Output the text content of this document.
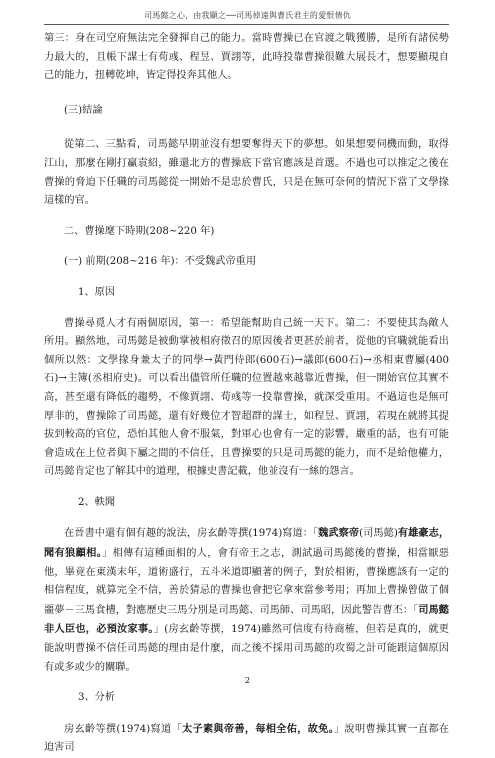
司馬懿之心，由我顯之──司馬倬遠與曹氏君主的愛恨情仇

第三：身在司空府無法完全發揮自己的能力。當時曹操已在官渡之戰獲勝，是所有諸侯勢力最大的，且帳下謀士有荀彧、程昱、賈詡等，此時投靠曹操很難大展長才，想要顯現自己的能力，扭轉乾坤，皆定得投奔其他人。

(三)結論

從第二、三點看，司馬懿早期並沒有想要奪得天下的夢想。如果想要伺機而動，取得江山，那麼在剛打贏袁紹，雖還北方的曹操底下當官應該是首選。不過也可以推定之後在曹操的脅迫下任職的司馬懿從一開始不是忠於曹氏，只是在無可奈何的情況下當了文學掾這樣的官。

二、曹操麾下時期(208~220 年)

(一) 前期(208~216 年)：不受魏武帝重用

1、原因

曹操尋覓人才有兩個原因，第一：希望能幫助自己統一天下。第二：不要使其為敵人所用。顯然地，司馬懿是被動掌被相府徵召的原因後者更甚於前者，從他的官職就能看出個所以然：文學掾身兼太子的同學→黃門侍郎(600石)→議郎(600石)→丞相東曹屬(400石)→主簿(丞相府史)。可以看出儘管所任職的位置越來越靠近曹操，但一開始官位其實不高，甚至還有降低的趨勢，不像賈詡、荀彧等一投靠曹操，就深受重用。不過這也是無可厚非的，曹操除了司馬懿，還有好幾位才智超群的謀士，如程昱、賈詡，若現在就將其提拔到較高的官位，恐怕其他人會不服氣，對軍心也會有一定的影響，嚴重的話，也有可能會造成在上位者與下屬之間的不信任，且曹操要的只是司馬懿的能力，而不是給他權力，司馬懿肯定也了解其中的道理，根據史書記載，他並沒有一絲的怨言。

2、軼聞

在晉書中還有個有趣的說法，房玄齡等撰(1974)寫道：「魏武察帝(司馬懿)有雄豪志，聞有狼顧相。」相傳有這種面相的人，會有帝王之志，測試過司馬懿後的曹操，相當厭惡他，畢竟在東漢末年，道術盛行，五斗米道即顯著的例子，對於相術，曹操應該有一定的相信程度，就算完全不信，善於猜忌的曹操也會把它拿來當參考用；再加上曹操曾做了個噩夢－三馬食槽，對應歷史三馬分別是司馬懿、司馬師、司馬昭，因此警告曹丕：「司馬懿非人臣也，必預汝家事。」(房玄齡等撰，1974)雖然可信度有待商榷，但若是真的，就更能說明曹操不信任司馬懿的理由是什麼，而之後不採用司馬懿的攻蜀之計可能跟這個原因有或多或少的關聯。

3、分析

房玄齡等撰(1974)寫道「太子素與帝善，每相全佑，故免。」說明曹操其實一直都在迫害司

2
